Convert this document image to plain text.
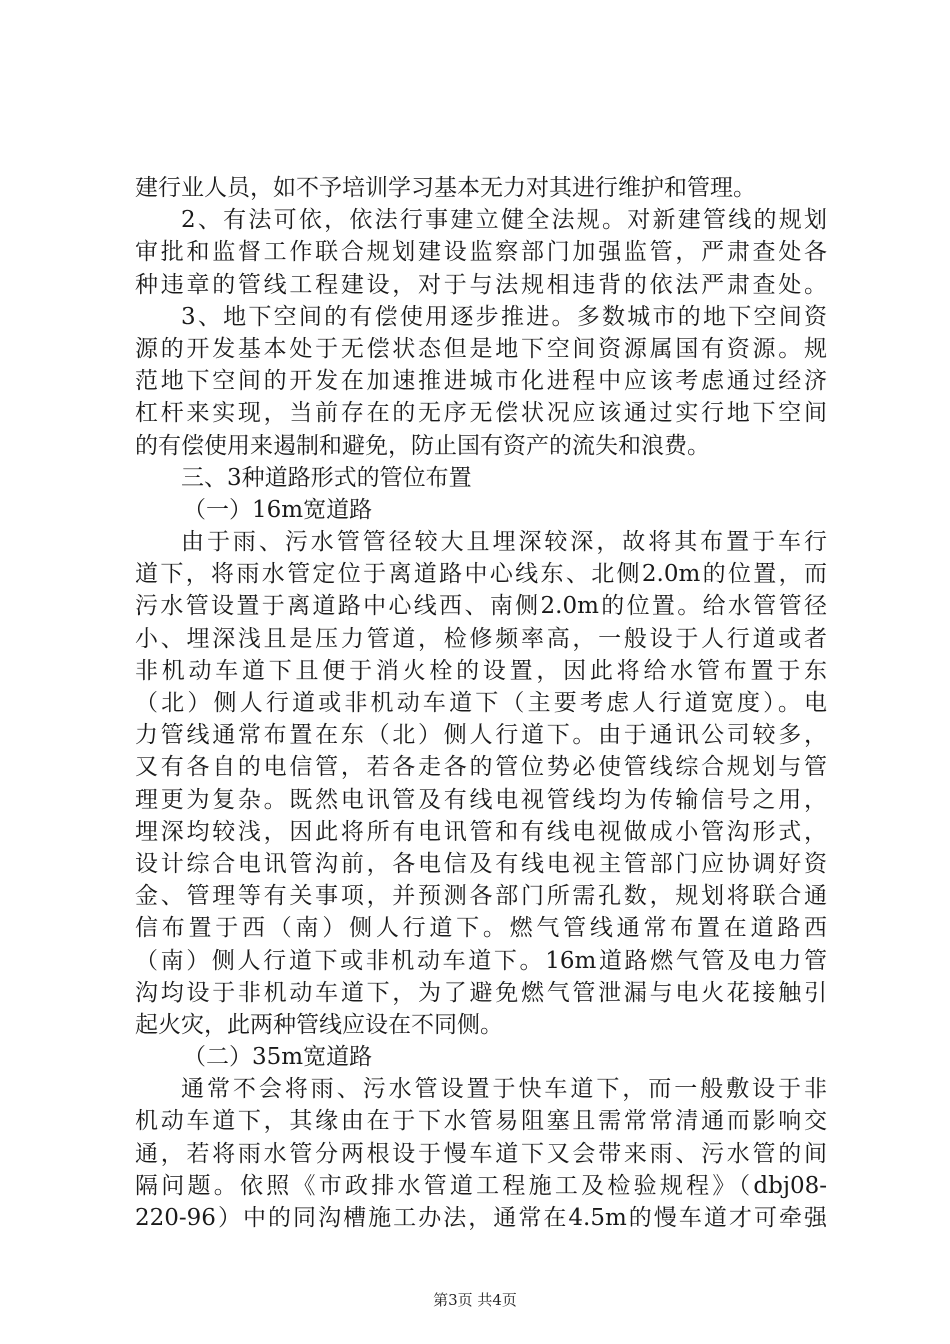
建行业人员，如不予培训学习基本无力对其进行维护和管理。
2、有法可依，依法行事建立健全法规。对新建管线的规划
审批和监督工作联合规划建设监察部门加强监管，严肃查处各
种违章的管线工程建设，对于与法规相违背的依法严肃查处。
3、地下空间的有偿使用逐步推进。多数城市的地下空间资
源的开发基本处于无偿状态但是地下空间资源属国有资源。规
范地下空间的开发在加速推进城市化进程中应该考虑通过经济
杠杆来实现，当前存在的无序无偿状况应该通过实行地下空间
的有偿使用来遏制和避免，防止国有资产的流失和浪费。
三、3种道路形式的管位布置
（一）16m宽道路
由于雨、污水管管径较大且埋深较深，故将其布置于车行
道下，将雨水管定位于离道路中心线东、北侧2.0m的位置，而
污水管设置于离道路中心线西、南侧2.0m的位置。给水管管径
小、埋深浅且是压力管道，检修频率高，一般设于人行道或者
非机动车道下且便于消火栓的设置，因此将给水管布置于东
（北）侧人行道或非机动车道下（主要考虑人行道宽度）。电
力管线通常布置在东（北）侧人行道下。由于通讯公司较多，
又有各自的电信管，若各走各的管位势必使管线综合规划与管
理更为复杂。既然电讯管及有线电视管线均为传输信号之用，
埋深均较浅，因此将所有电讯管和有线电视做成小管沟形式，
设计综合电讯管沟前，各电信及有线电视主管部门应协调好资
金、管理等有关事项，并预测各部门所需孔数，规划将联合通
信布置于西（南）侧人行道下。燃气管线通常布置在道路西
（南）侧人行道下或非机动车道下。16m道路燃气管及电力管
沟均设于非机动车道下，为了避免燃气管泄漏与电火花接触引
起火灾，此两种管线应设在不同侧。
（二）35m宽道路
通常不会将雨、污水管设置于快车道下，而一般敷设于非
机动车道下，其缘由在于下水管易阻塞且需常常清通而影响交
通，若将雨水管分两根设于慢车道下又会带来雨、污水管的间
隔问题。依照《市政排水管道工程施工及检验规程》（dbj08-
220-96）中的同沟槽施工办法，通常在4.5m的慢车道才可牵强
第3页 共4页
